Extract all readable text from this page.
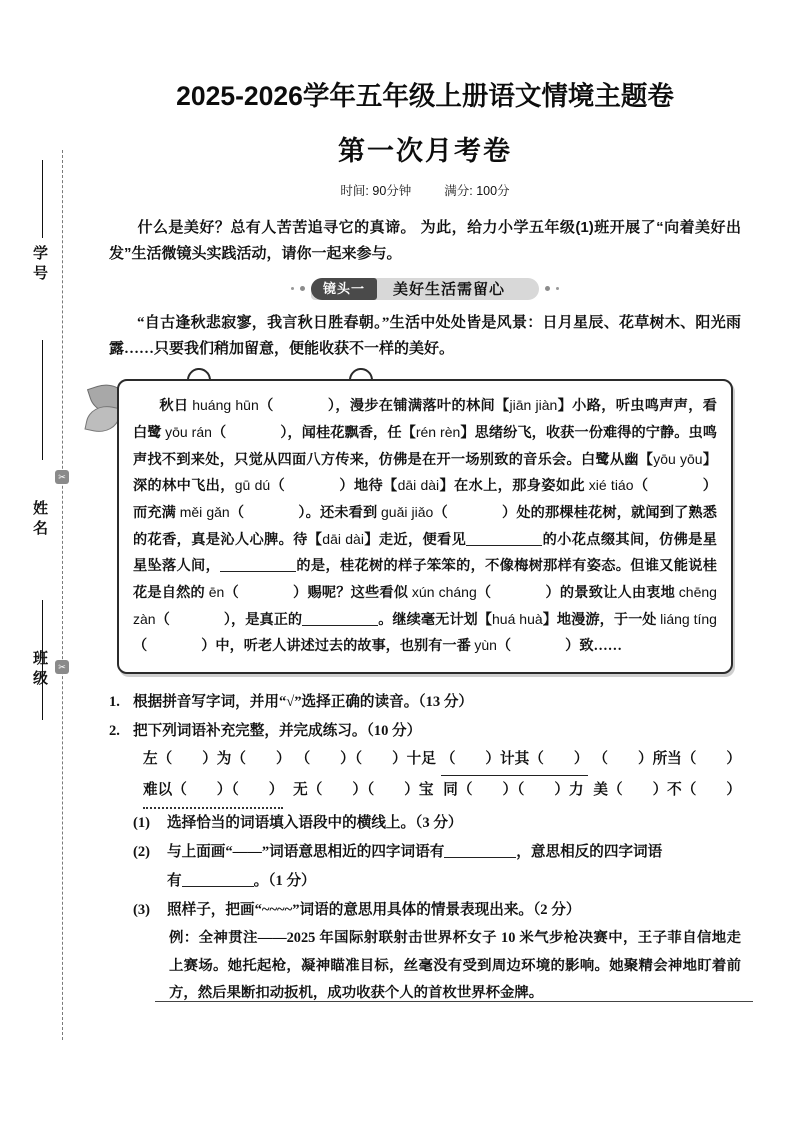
学号
✂
姓名
✂
班级
2025-2026学年五年级上册语文情境主题卷
第一次月考卷
时间: 90分钟	满分: 100分
什么是美好？总有人苦苦追寻它的真谛。 为此，给力小学五年级(1)班开展了“向着美好出发”生活微镜头实践活动，请你一起来参与。
镜头一	美好生活需留心
“自古逢秋悲寂寥，我言秋日胜春朝。”生活中处处皆是风景：日月星辰、花草树木、阳光雨露……只要我们稍加留意，便能收获不一样的美好。
秋日 huáng hūn（	），漫步在铺满落叶的林间【jiān jiàn】小路，听虫鸣声声，看白鹭 yōu rán（	），闻桂花飘香，任【rén rèn】思绪纷飞，收获一份难得的宁静。虫鸣声找不到来处，只觉从四面八方传来，仿佛是在开一场别致的音乐会。白鹭从幽【yōu yōu】深的林中飞出，gū dú（	）地待【dāi dài】在水上，那身姿如此 xié tiáo（	）而充满 měi gǎn（	）。还未看到 guǎi jiǎo（	）处的那棵桂花树，就闻到了熟悉的花香，真是沁人心脾。待【dāi dài】走近，便看见	的小花点缀其间，仿佛是星星坠落人间，	的是，桂花树的样子笨笨的，不像梅树那样有姿态。但谁又能说桂花是自然的 ēn（	）赐呢？这些看似 xún cháng（	）的景致让人由衷地 chēng zàn（	），是真正的	。继续毫无计划【huá huà】地漫游，于一处 liáng tíng（	）中，听老人讲述过去的故事，也别有一番 yùn（	）致……
1. 根据拼音写字词，并用“√”选择正确的读音。（13 分）
2. 把下列词语补充完整，并完成练习。（10 分）
左（ ）为（ ） （ ）（ ）十足 （ ）计其（ ） （ ）所当（ ）
难以（ ）（ ） 无（ ）（ ）宝 同（ ）（ ）力 美（ ）不（ ）
(1)	选择恰当的词语填入语段中的横线上。（3 分）
(2)	与上面画“——”词语意思相近的四字词语有	，意思相反的四字词语
有	。（1 分）
(3)	照样子，把画“~~~~”词语的意思用具体的情景表现出来。（2 分）
例：全神贯注——2025 年国际射联射击世界杯女子 10 米气步枪决赛中，王子菲自信地走上赛场。她托起枪，凝神瞄准目标，丝毫没有受到周边环境的影响。她聚精会神地盯着前方，然后果断扣动扳机，成功收获个人的首枚世界杯金牌。
